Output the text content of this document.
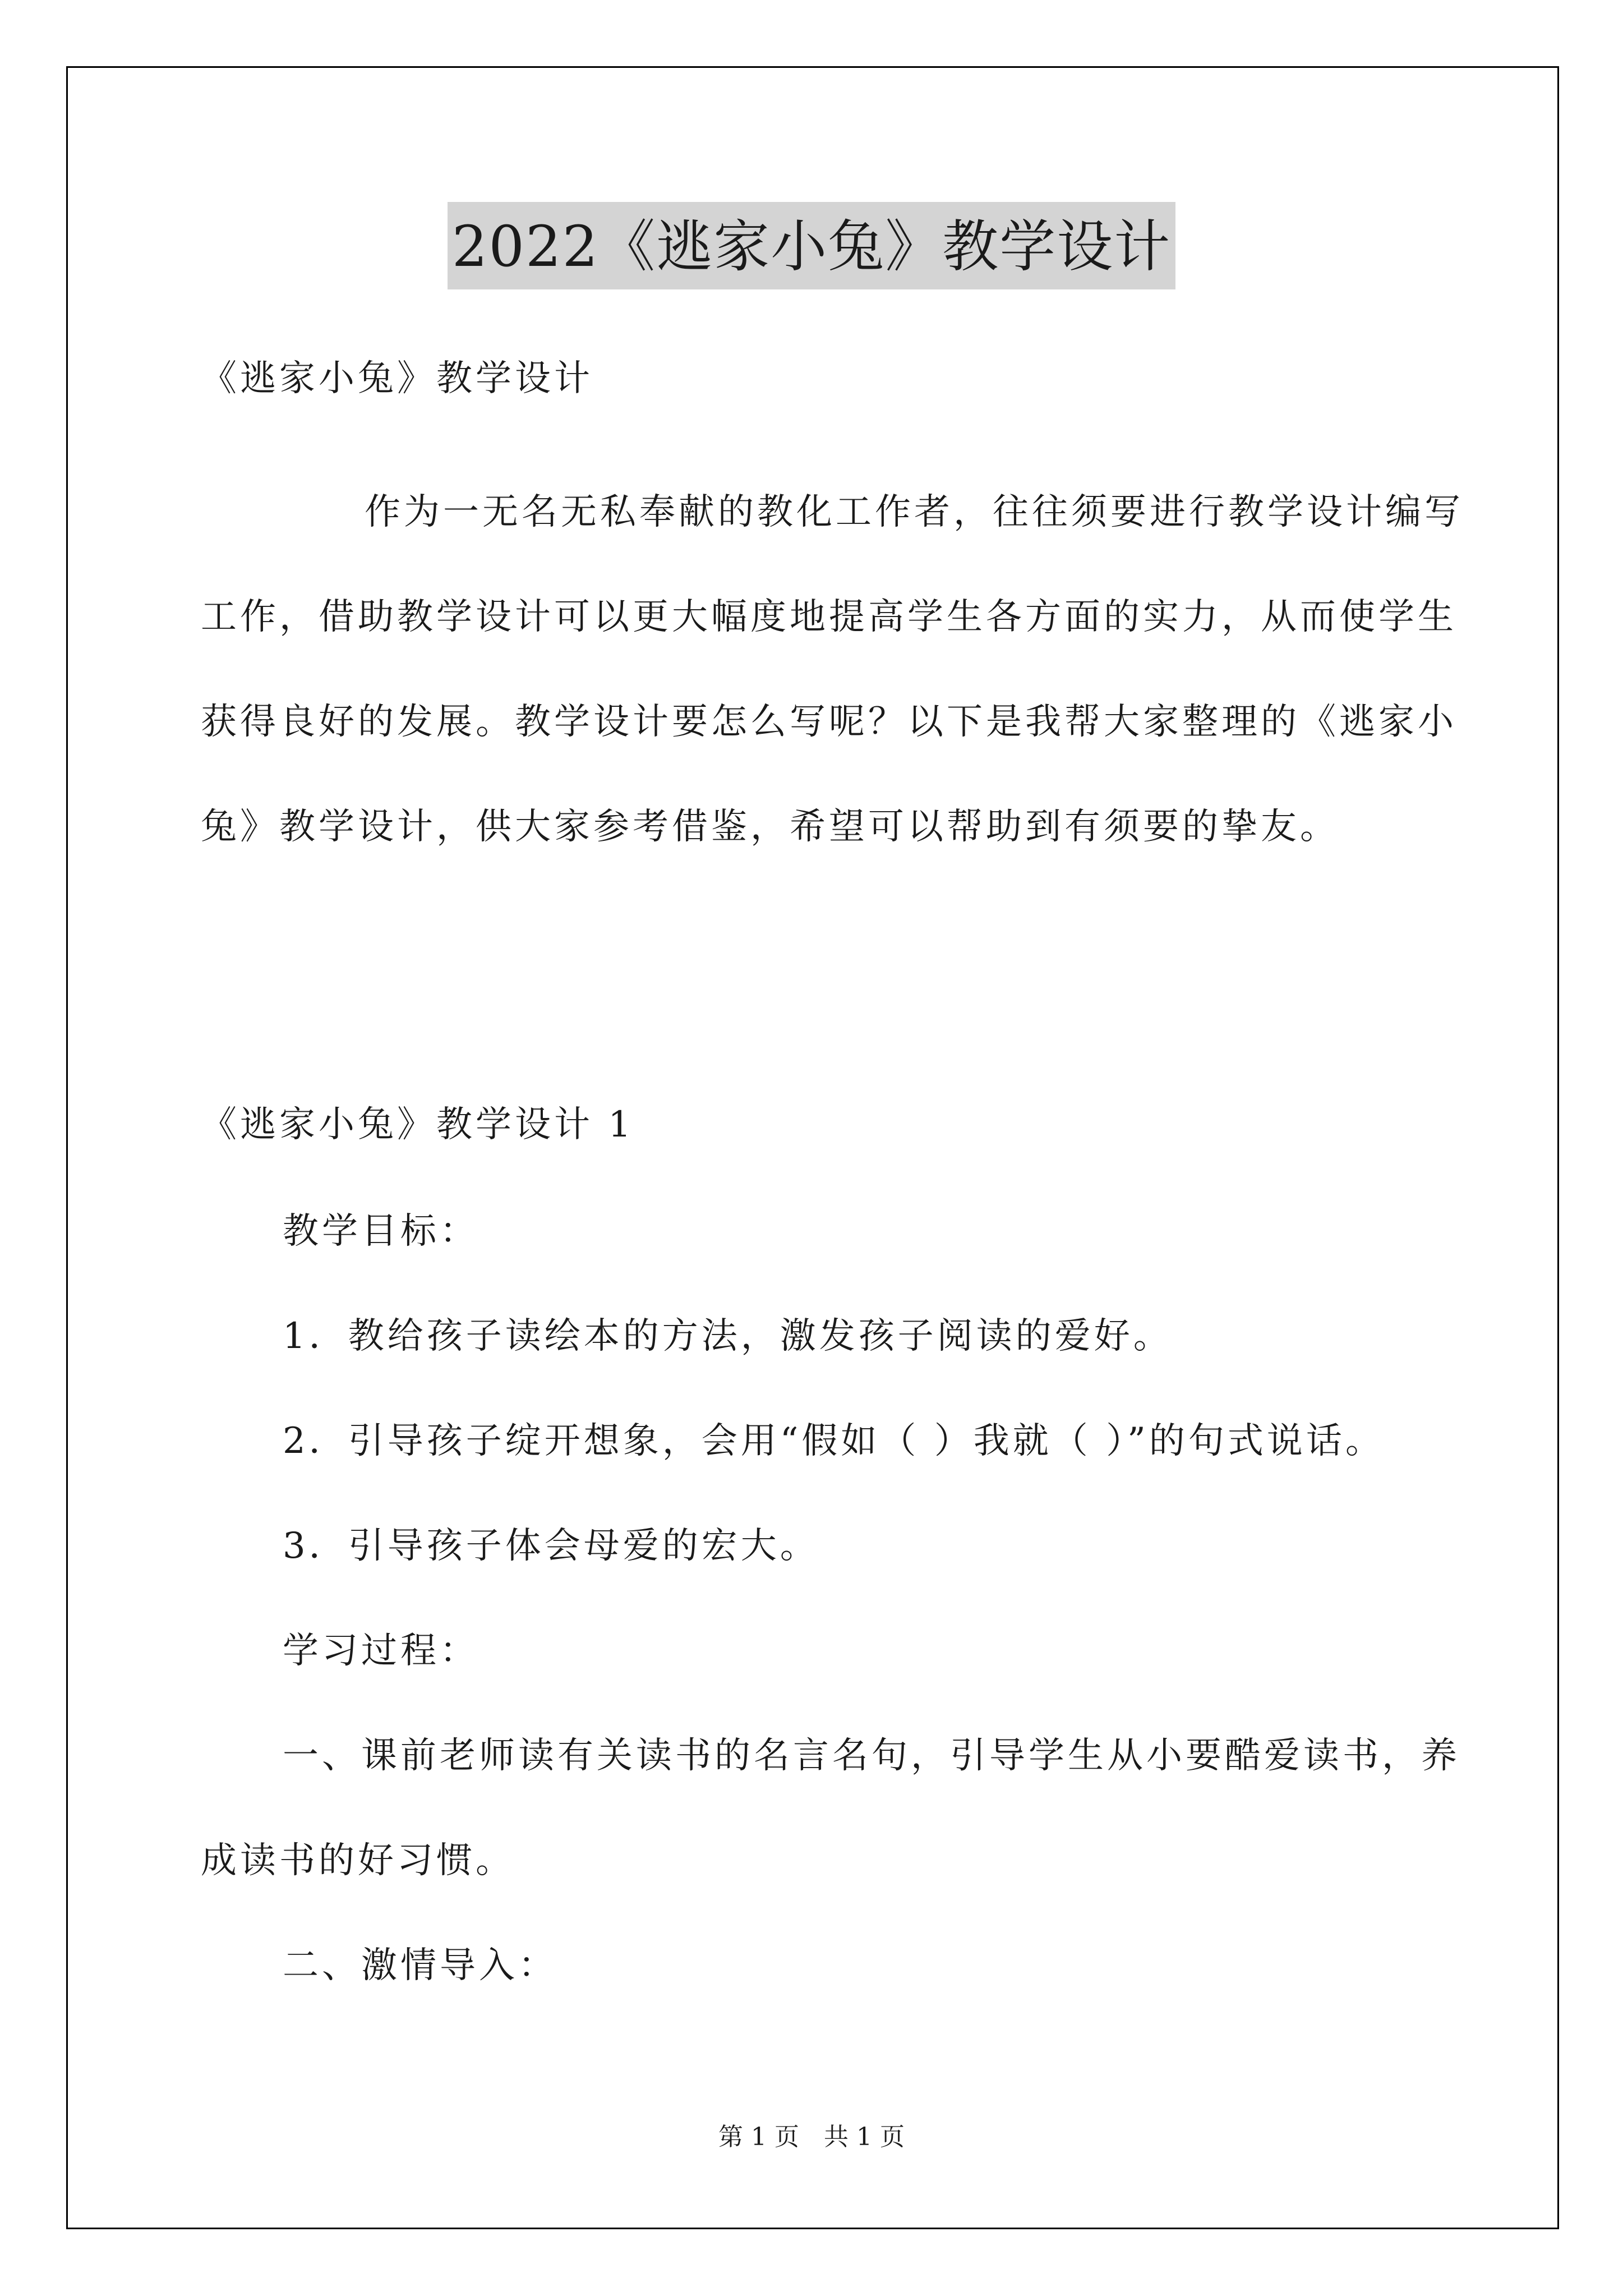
2022《逃家小兔》教学设计
《逃家小兔》教学设计
作为一无名无私奉献的教化工作者，往往须要进行教学设计编写工作，借助教学设计可以更大幅度地提高学生各方面的实力，从而使学生获得良好的发展。教学设计要怎么写呢？以下是我帮大家整理的《逃家小兔》教学设计，供大家参考借鉴，希望可以帮助到有须要的挚友。
《逃家小兔》教学设计 1
教学目标：
1．教给孩子读绘本的方法，激发孩子阅读的爱好。
2．引导孩子绽开想象，会用“假如（ ）我就（ ）”的句式说话。
3．引导孩子体会母爱的宏大。
学习过程：
一、课前老师读有关读书的名言名句，引导学生从小要酷爱读书，养成读书的好习惯。
二、激情导入：
第 1 页　共 1 页
